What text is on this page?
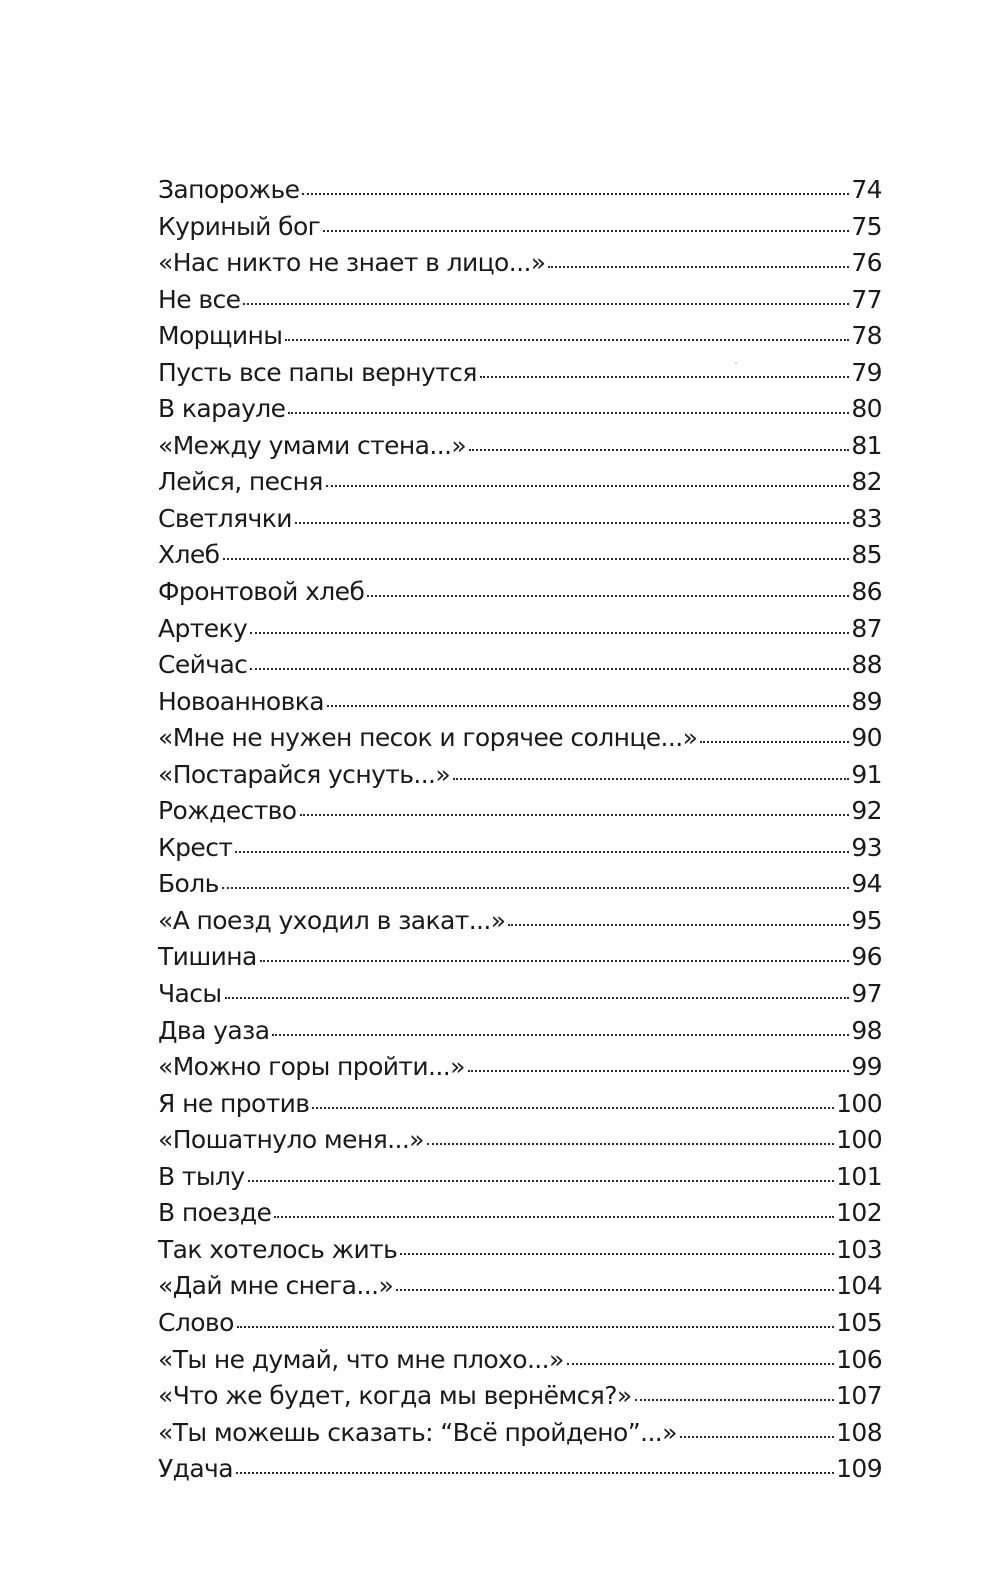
Запорожье	74
Куриный бог	75
«Нас никто не знает в лицо...»	76
Не все	77
Морщины	78
Пусть все папы вернутся	79
В карауле	80
«Между умами стена...»	81
Лейся, песня	82
Светлячки	83
Хлеб	85
Фронтовой хлеб	86
Артеку	87
Сейчас	88
Новоанновка	89
«Мне не нужен песок и горячее солнце...»	90
«Постарайся уснуть...»	91
Рождество	92
Крест	93
Боль	94
«А поезд уходил в закат...»	95
Тишина	96
Часы	97
Два уаза	98
«Можно горы пройти...»	99
Я не против	100
«Пошатнуло меня...»	100
В тылу	101
В поезде	102
Так хотелось жить	103
«Дай мне снега...»	104
Слово	105
«Ты не думай, что мне плохо...»	106
«Что же будет, когда мы вернёмся?»	107
«Ты можешь сказать: “Всё пройдено”...»	108
Удача	109
